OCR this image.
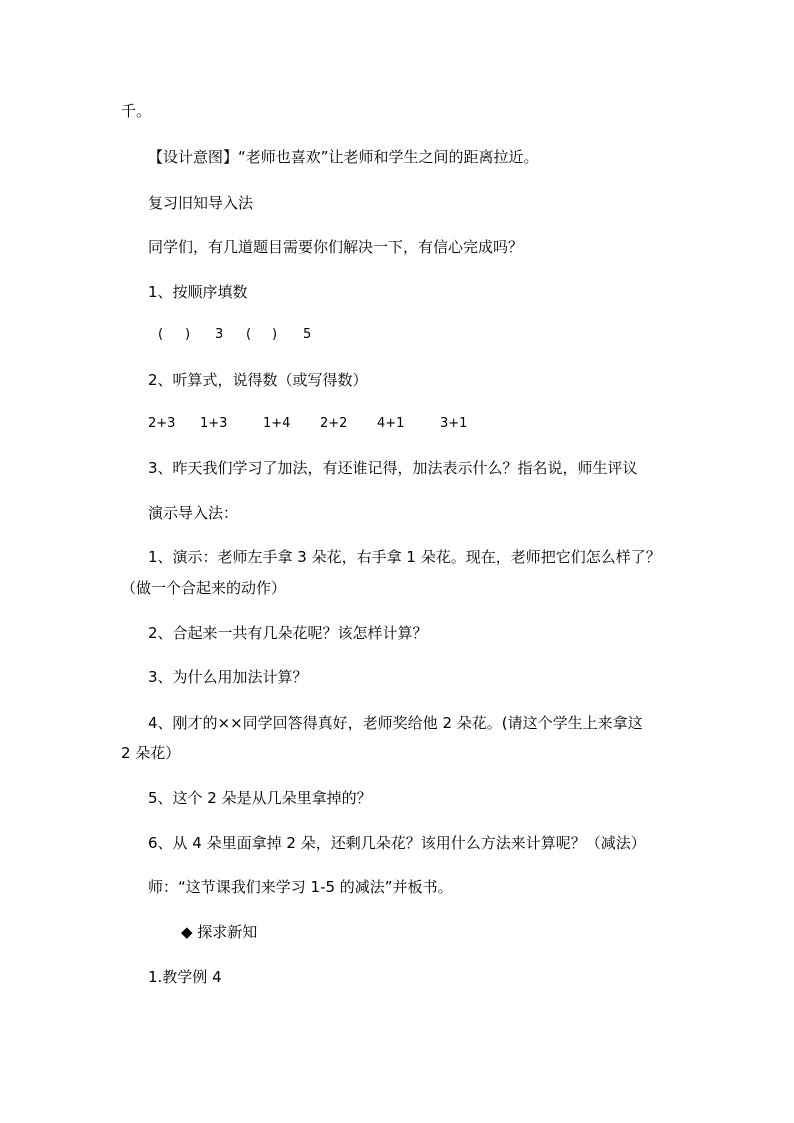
千。
【设计意图】“老师也喜欢”让老师和学生之间的距离拉近。
复习旧知导入法
同学们，有几道题目需要你们解决一下，有信心完成吗？
1、按顺序填数
( ) 3 ( ) 5
2、听算式，说得数（或写得数）
2+3 1+3	1+4 2+2 4+1	3+1
3、昨天我们学习了加法，有还谁记得，加法表示什么？指名说，师生评议
演示导入法：
1、演示：老师左手拿 3 朵花，右手拿 1 朵花。现在，老师把它们怎么样了？
（做一个合起来的动作）
2、合起来一共有几朵花呢？该怎样计算？
3、为什么用加法计算？
4、刚才的××同学回答得真好，老师奖给他 2 朵花。(请这个学生上来拿这
2 朵花）
5、这个 2 朵是从几朵里拿掉的？
6、从 4 朵里面拿掉 2 朵，还剩几朵花？该用什么方法来计算呢？（减法）
师：“这节课我们来学习 1-5 的减法”并板书。
◆ 探求新知
1.教学例 4
